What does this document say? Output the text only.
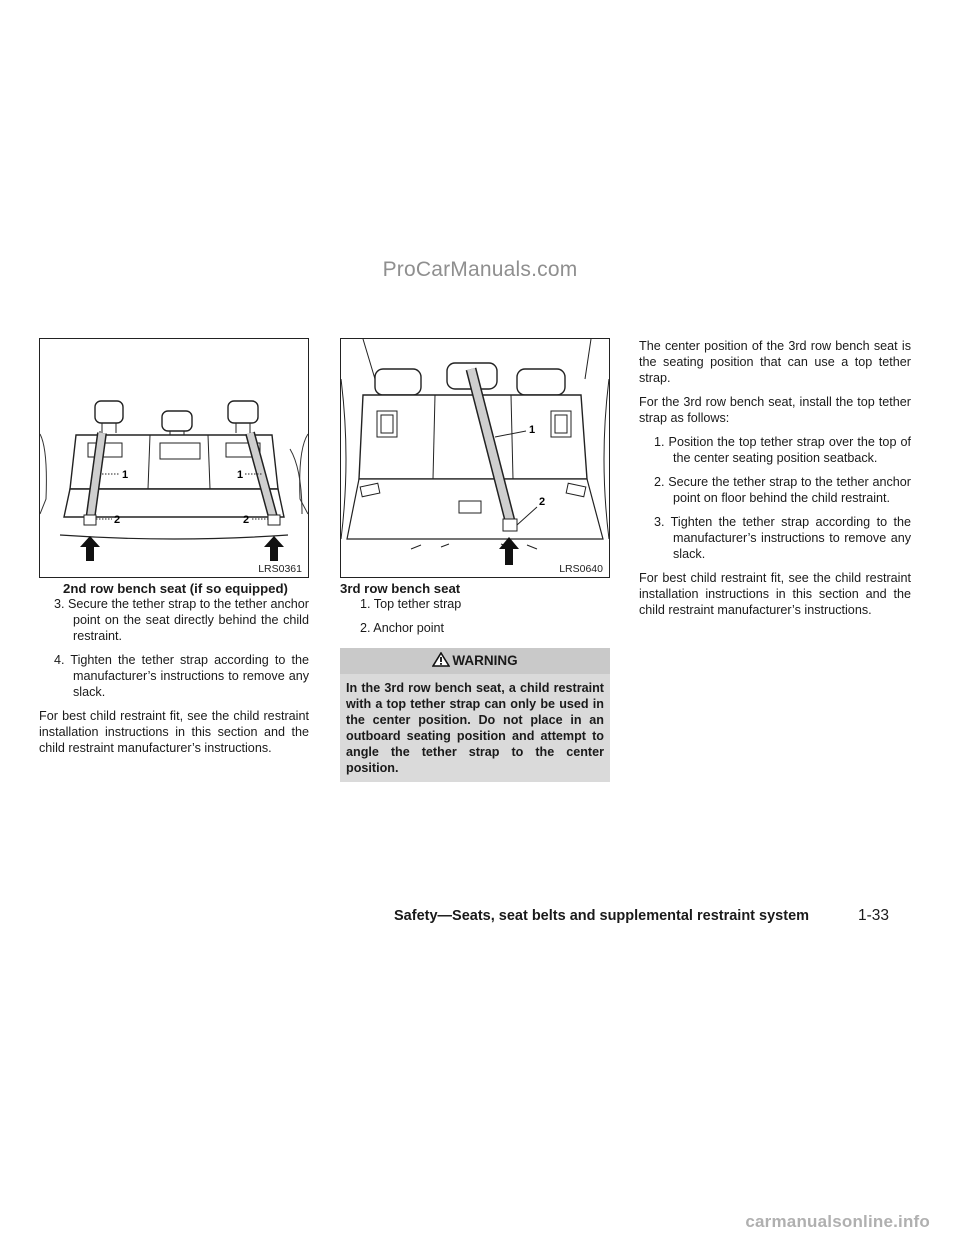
ProCarManuals.com
1	1
2	2
LRS0361
2nd row bench seat (if so equipped)
3. Secure the tether strap to the tether anchor point on the seat directly behind the child restraint.
4. Tighten the tether strap according to the manufacturer’s instructions to remove any slack.

For best child restraint fit, see the child restraint installation instructions in this section and the child restraint manufacturer’s instructions.

1
2
LRS0640
3rd row bench seat
1. Top tether strap
2. Anchor point
WARNING
In the 3rd row bench seat, a child restraint with a top tether strap can only be used in the center position. Do not place in an outboard seating position and attempt to angle the tether strap to the center position.

The center position of the 3rd row bench seat is the seating position that can use a top tether strap.

For the 3rd row bench seat, install the top tether strap as follows:

1. Position the top tether strap over the top of the center seating position seatback.
2. Secure the tether strap to the tether anchor point on floor behind the child restraint.
3. Tighten the tether strap according to the manufacturer’s instructions to remove any slack.

For best child restraint fit, see the child restraint installation instructions in this section and the child restraint manufacturer’s instructions.

Safety—Seats, seat belts and supplemental restraint system	1-33
carmanualsonline.info
